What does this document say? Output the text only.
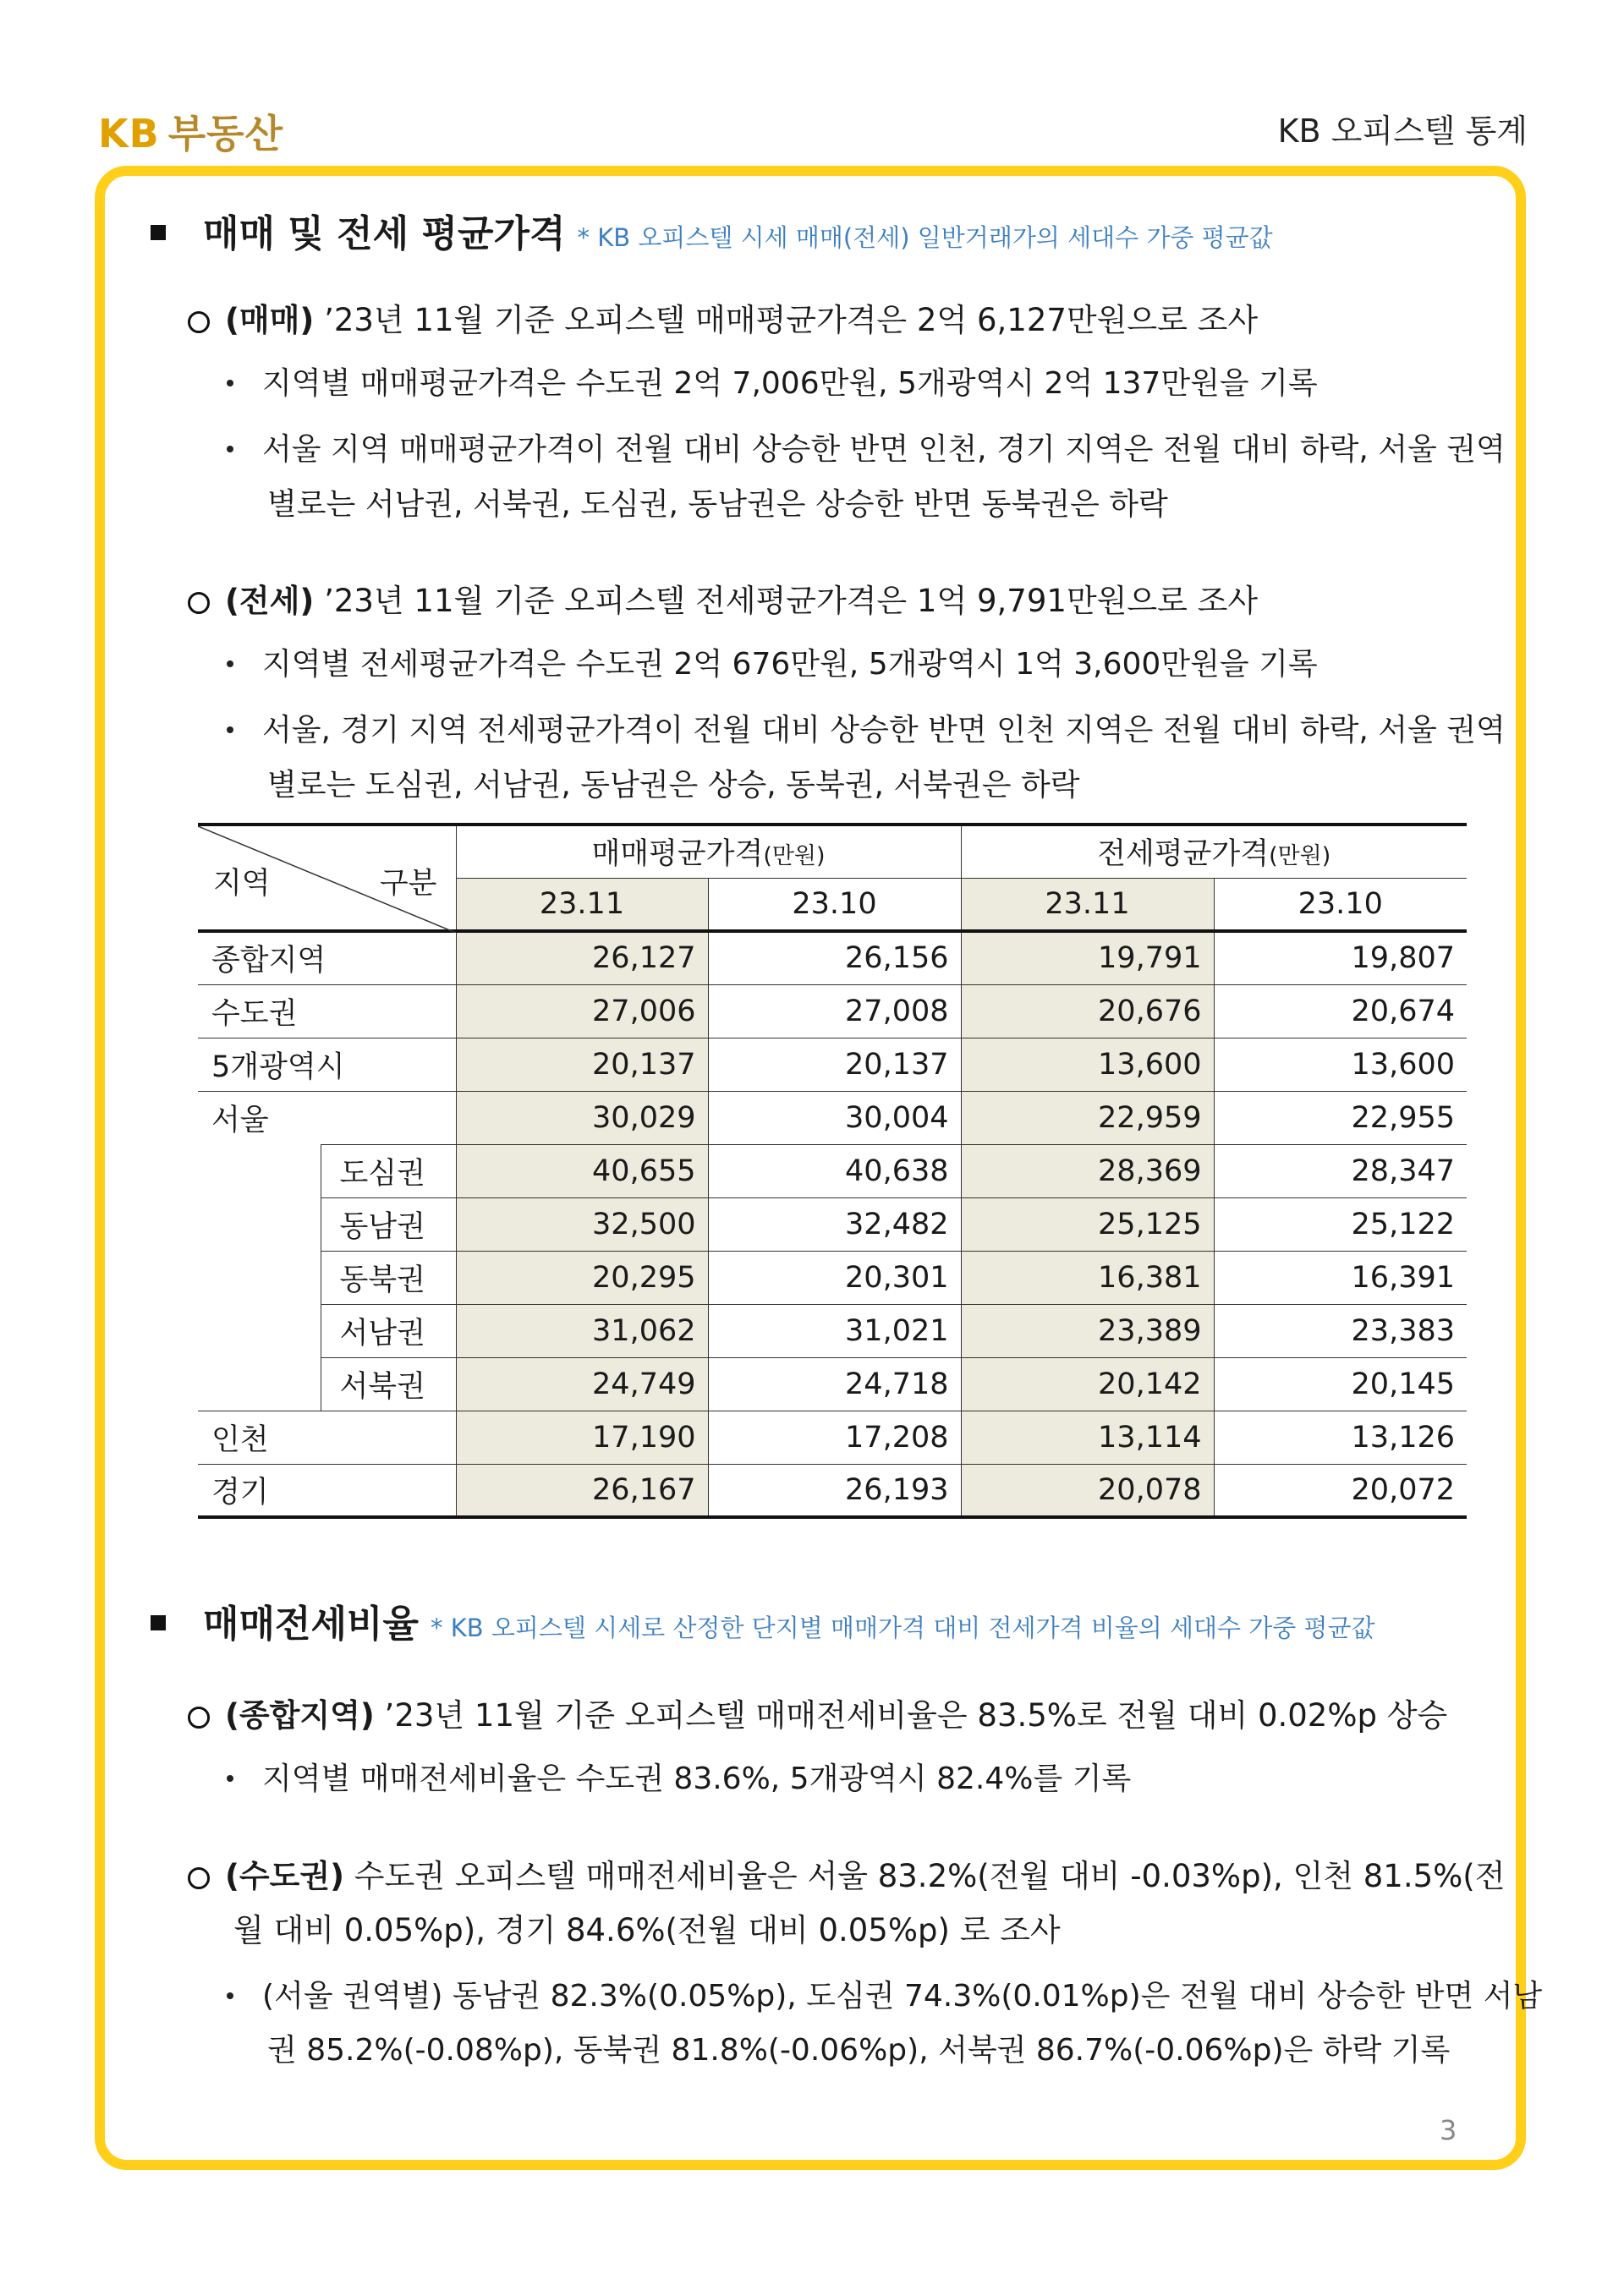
KB 부동산	KB 오피스텔 통계
매매 및 전세 평균가격 * KB 오피스텔 시세 매매(전세) 일반거래가의 세대수 가중 평균값
(매매) ’23년 11월 기준 오피스텔 매매평균가격은 2억 6,127만원으로 조사
지역별 매매평균가격은 수도권 2억 7,006만원, 5개광역시 2억 137만원을 기록
서울 지역 매매평균가격이 전월 대비 상승한 반면 인천, 경기 지역은 전월 대비 하락, 서울 권역
별로는 서남권, 서북권, 도심권, 동남권은 상승한 반면 동북권은 하락
(전세) ’23년 11월 기준 오피스텔 전세평균가격은 1억 9,791만원으로 조사
지역별 전세평균가격은 수도권 2억 676만원, 5개광역시 1억 3,600만원을 기록
서울, 경기 지역 전세평균가격이 전월 대비 상승한 반면 인천 지역은 전월 대비 하락, 서울 권역
별로는 도심권, 서남권, 동남권은 상승, 동북권, 서북권은 하락
지역 구분		매매평균가격(만원)		전세평균가격(만원)	
		23.11	23.10	23.11	23.10
종합지역		26,127	26,156	19,791	19,807
수도권		27,006	27,008	20,676	20,674
5개광역시		20,137	20,137	13,600	13,600
서울		30,029	30,004	22,959	22,955
	도심권	40,655	40,638	28,369	28,347
	동남권	32,500	32,482	25,125	25,122
	동북권	20,295	20,301	16,381	16,391
	서남권	31,062	31,021	23,389	23,383
	서북권	24,749	24,718	20,142	20,145
인천		17,190	17,208	13,114	13,126
경기		26,167	26,193	20,078	20,072
매매전세비율 * KB 오피스텔 시세로 산정한 단지별 매매가격 대비 전세가격 비율의 세대수 가중 평균값
(종합지역) ’23년 11월 기준 오피스텔 매매전세비율은 83.5%로 전월 대비 0.02%p 상승
지역별 매매전세비율은 수도권 83.6%, 5개광역시 82.4%를 기록
(수도권) 수도권 오피스텔 매매전세비율은 서울 83.2%(전월 대비 -0.03%p), 인천 81.5%(전
월 대비 0.05%p), 경기 84.6%(전월 대비 0.05%p) 로 조사
(서울 권역별) 동남권 82.3%(0.05%p), 도심권 74.3%(0.01%p)은 전월 대비 상승한 반면 서남
권 85.2%(-0.08%p), 동북권 81.8%(-0.06%p), 서북권 86.7%(-0.06%p)은 하락 기록
3
